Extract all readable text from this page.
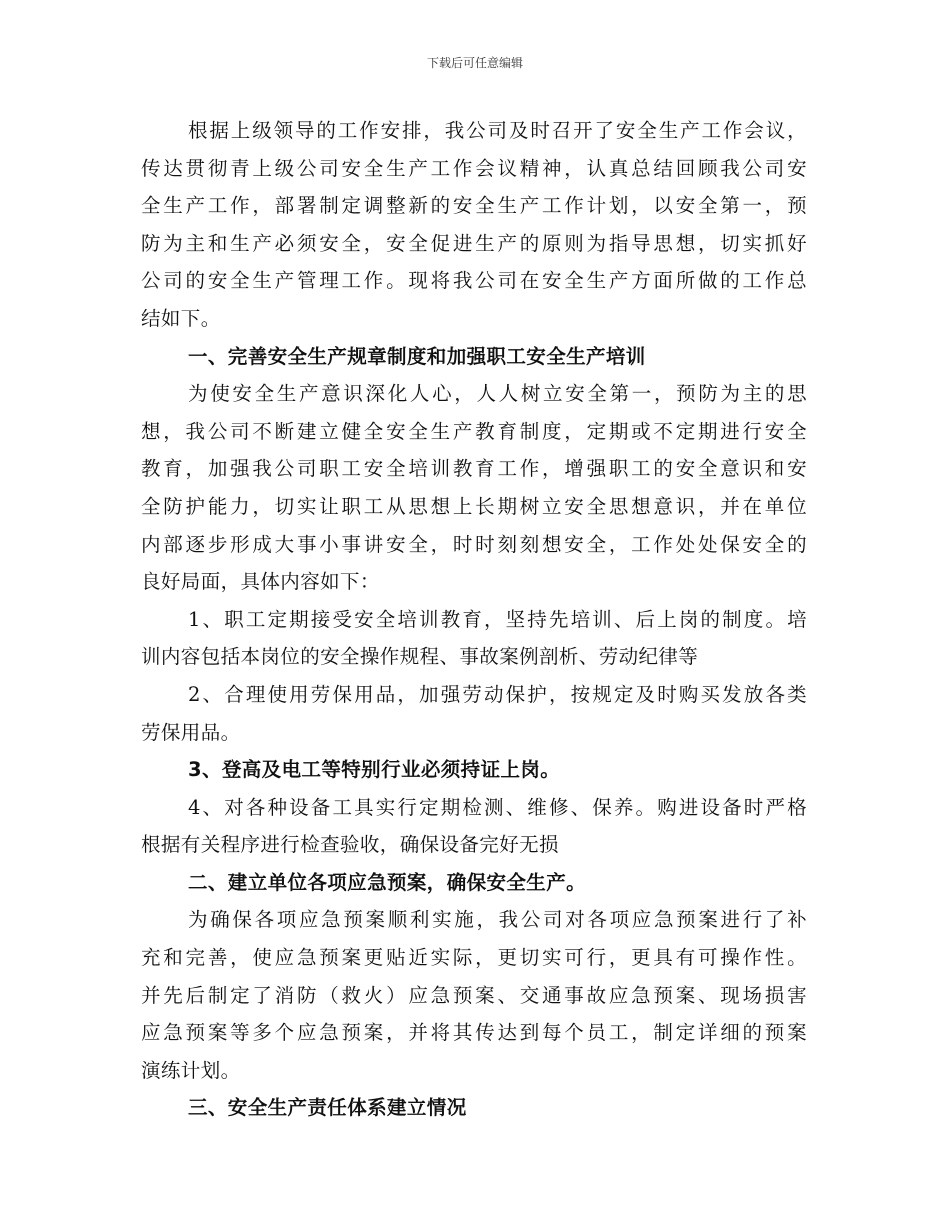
下载后可任意编辑
根据上级领导的工作安排，我公司及时召开了安全生产工作会议，
传达贯彻青上级公司安全生产工作会议精神，认真总结回顾我公司安
全生产工作，部署制定调整新的安全生产工作计划，以安全第一，预
防为主和生产必须安全，安全促进生产的原则为指导思想，切实抓好
公司的安全生产管理工作。现将我公司在安全生产方面所做的工作总
结如下。
一、完善安全生产规章制度和加强职工安全生产培训
为使安全生产意识深化人心，人人树立安全第一，预防为主的思
想，我公司不断建立健全安全生产教育制度，定期或不定期进行安全
教育，加强我公司职工安全培训教育工作，增强职工的安全意识和安
全防护能力，切实让职工从思想上长期树立安全思想意识，并在单位
内部逐步形成大事小事讲安全，时时刻刻想安全，工作处处保安全的
良好局面，具体内容如下：
1、职工定期接受安全培训教育，坚持先培训、后上岗的制度。培
训内容包括本岗位的安全操作规程、事故案例剖析、劳动纪律等
2、合理使用劳保用品，加强劳动保护，按规定及时购买发放各类
劳保用品。
3、登高及电工等特别行业必须持证上岗。
4、对各种设备工具实行定期检测、维修、保养。购进设备时严格
根据有关程序进行检查验收，确保设备完好无损
二、建立单位各项应急预案，确保安全生产。
为确保各项应急预案顺利实施，我公司对各项应急预案进行了补
充和完善，使应急预案更贴近实际，更切实可行，更具有可操作性。
并先后制定了消防（救火）应急预案、交通事故应急预案、现场损害
应急预案等多个应急预案，并将其传达到每个员工，制定详细的预案
演练计划。
三、安全生产责任体系建立情况
